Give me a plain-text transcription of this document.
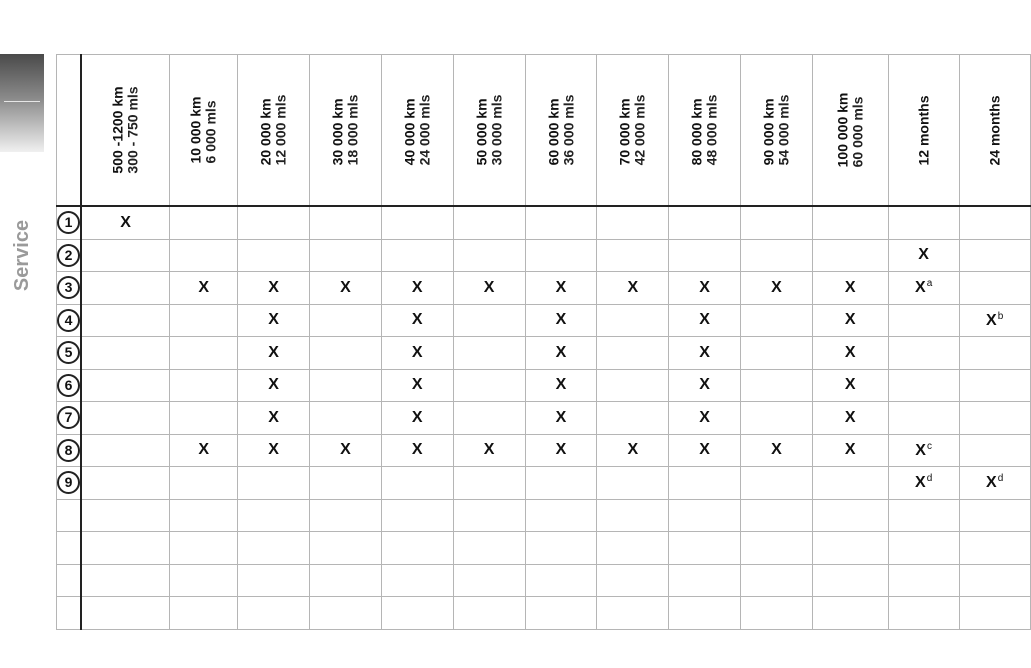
Service

	500 -1200 km 300 - 750 mls	10 000 km 6 000 mls	20 000 km 12 000 mls	30 000 km 18 000 mls	40 000 km 24 000 mls	50 000 km 30 000 mls	60 000 km 36 000 mls	70 000 km 42 000 mls	80 000 km 48 000 mls	90 000 km 54 000 mls	100 000 km 60 000 mls	12 months	24 months

1	X												
2												X	
3		X	X	X	X	X	X	X	X	X	X	$X^a$	
4			X		X		X		X		X		$X^b$
5			X		X		X		X		X		
6			X		X		X		X		X		
7			X		X		X		X		X		
8		X	X	X	X	X	X	X	X	X	X	$X^c$	
9												$X^d$	$X^d$
